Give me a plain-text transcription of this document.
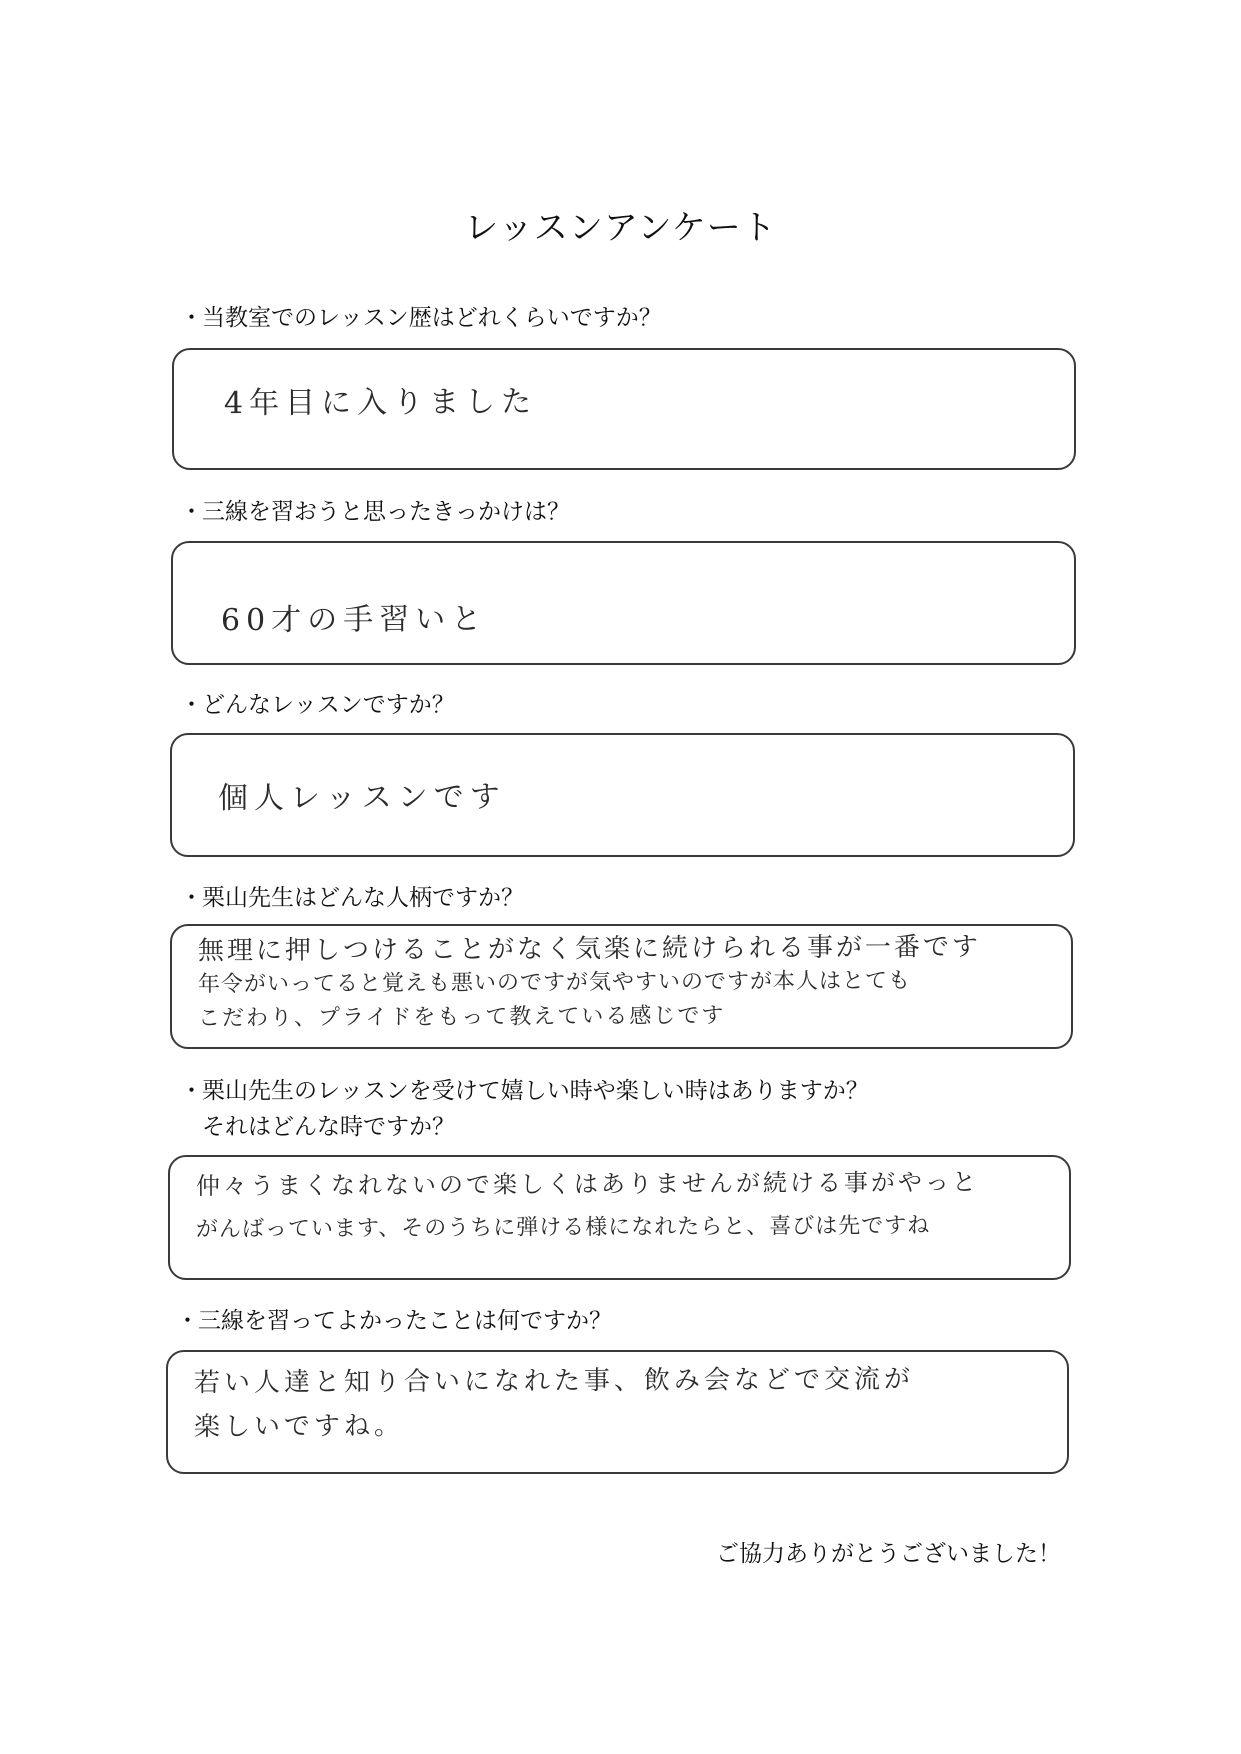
レッスンアンケート
・当教室でのレッスン歴はどれくらいですか？
4年目に入りました
・三線を習おうと思ったきっかけは？
60才の手習いと
・どんなレッスンですか？
個人レッスンです
・栗山先生はどんな人柄ですか？
無理に押しつけることがなく気楽に続けられる事が一番です
年令がいってると覚えも悪いのですが気やすいのですが本人はとても
こだわり、プライドをもって教えている感じです
・栗山先生のレッスンを受けて嬉しい時や楽しい時はありますか？
それはどんな時ですか？
仲々うまくなれないので楽しくはありませんが続ける事がやっと
がんばっています、そのうちに弾ける様になれたらと、喜びは先ですね
・三線を習ってよかったことは何ですか？
若い人達と知り合いになれた事、飲み会などで交流が
楽しいですね。
ご協力ありがとうございました！
